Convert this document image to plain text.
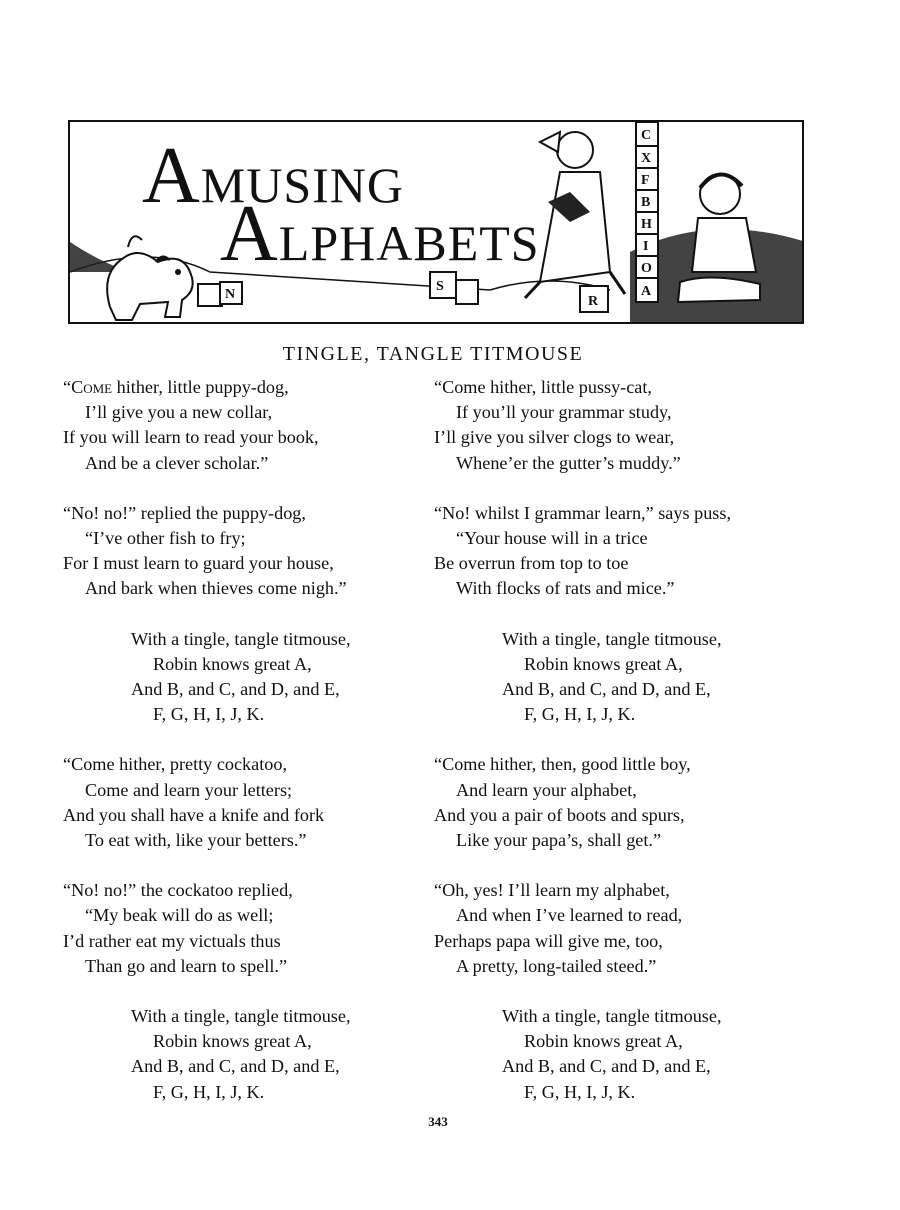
N
S
R
C
X
F
B
H
I
O
A
AMUSING
ALPHABETS
TINGLE, TANGLE TITMOUSE
“Come hither, little puppy-dog,
I’ll give you a new collar,
If you will learn to read your book,
And be a clever scholar.”
“No! no!” replied the puppy-dog,
“I’ve other fish to fry;
For I must learn to guard your house,
And bark when thieves come nigh.”
With a tingle, tangle titmouse,
Robin knows great A,
And B, and C, and D, and E,
F, G, H, I, J, K.
“Come hither, pretty cockatoo,
Come and learn your letters;
And you shall have a knife and fork
To eat with, like your betters.”
“No! no!” the cockatoo replied,
“My beak will do as well;
I’d rather eat my victuals thus
Than go and learn to spell.”
With a tingle, tangle titmouse,
Robin knows great A,
And B, and C, and D, and E,
F, G, H, I, J, K.
“Come hither, little pussy-cat,
If you’ll your grammar study,
I’ll give you silver clogs to wear,
Whene’er the gutter’s muddy.”
“No! whilst I grammar learn,” says puss,
“Your house will in a trice
Be overrun from top to toe
With flocks of rats and mice.”
With a tingle, tangle titmouse,
Robin knows great A,
And B, and C, and D, and E,
F, G, H, I, J, K.
“Come hither, then, good little boy,
And learn your alphabet,
And you a pair of boots and spurs,
Like your papa’s, shall get.”
“Oh, yes! I’ll learn my alphabet,
And when I’ve learned to read,
Perhaps papa will give me, too,
A pretty, long-tailed steed.”
With a tingle, tangle titmouse,
Robin knows great A,
And B, and C, and D, and E,
F, G, H, I, J, K.
343
